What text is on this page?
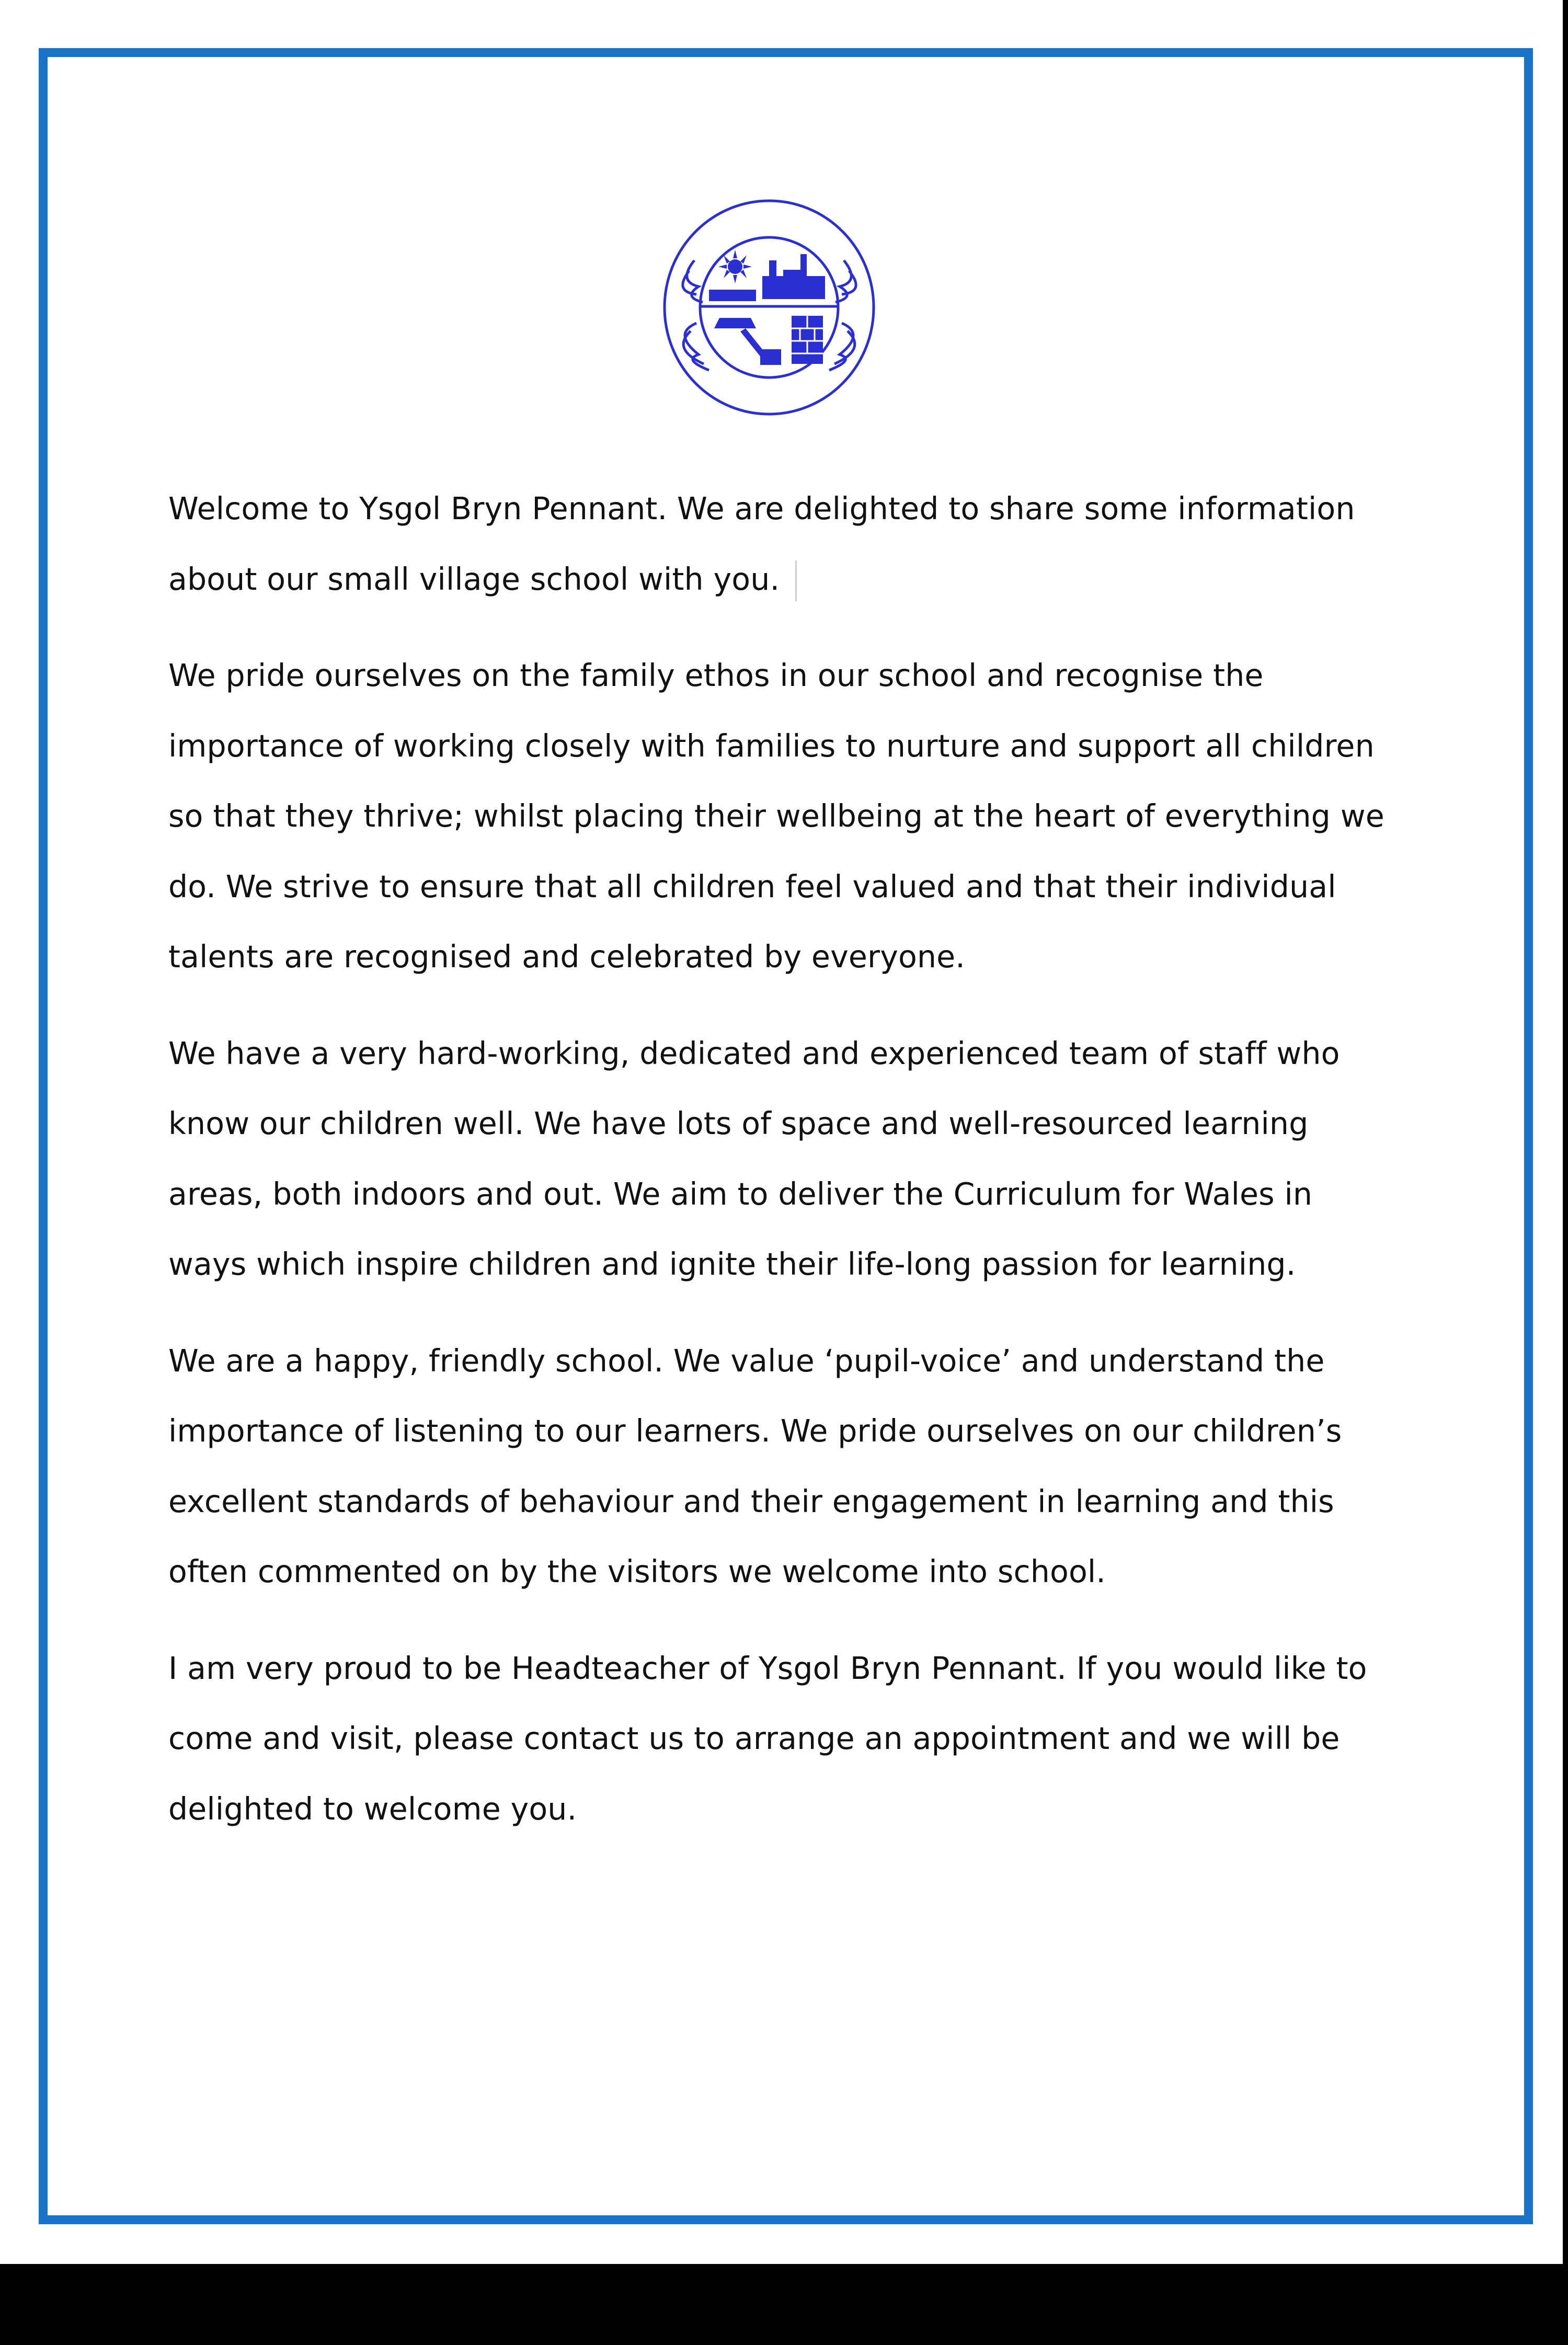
Welcome to Ysgol Bryn Pennant. We are delighted to share some information
about our small village school with you.

We pride ourselves on the family ethos in our school and recognise the
importance of working closely with families to nurture and support all children
so that they thrive; whilst placing their wellbeing at the heart of everything we
do. We strive to ensure that all children feel valued and that their individual
talents are recognised and celebrated by everyone.

We have a very hard-working, dedicated and experienced team of staff who
know our children well. We have lots of space and well-resourced learning
areas, both indoors and out. We aim to deliver the Curriculum for Wales in
ways which inspire children and ignite their life-long passion for learning.

We are a happy, friendly school. We value ‘pupil-voice’ and understand the
importance of listening to our learners. We pride ourselves on our children’s
excellent standards of behaviour and their engagement in learning and this
often commented on by the visitors we welcome into school.

I am very proud to be Headteacher of Ysgol Bryn Pennant. If you would like to
come and visit, please contact us to arrange an appointment and we will be
delighted to welcome you.
